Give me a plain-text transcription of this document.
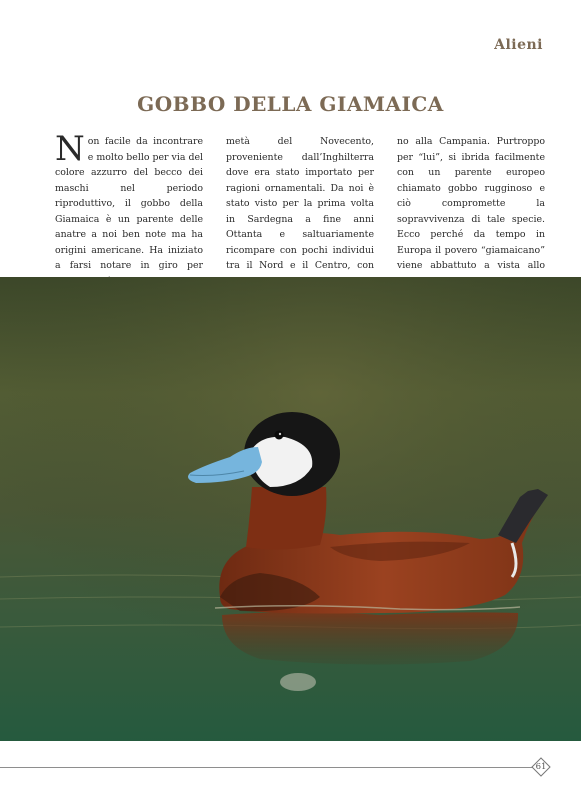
Alieni
GOBBO DELLA GIAMAICA

Non facile da incontrare e molto bello per via del colore azzurro del becco dei maschi nel periodo riproduttivo, il gobbo della Giamaica è un parente delle anatre a noi ben note ma ha origini americane. Ha iniziato a farsi notare in giro per

metà del Novecento, proveniente dall’Inghilterra dove era stato importato per ragioni ornamentali. Da noi è stato visto per la prima volta in Sardegna a fine anni Ottanta e saltuariamente ricompare con pochi individui tra il Nord e il Centro, con

no alla Campania. Purtroppo per “lui”, si ibrida facilmente con un parente europeo chiamato gobbo rugginoso e ciò compromette la sopravvivenza di tale specie. Ecco perché da tempo in Europa il povero “giamaicano” viene abbattuto a vista allo

61
